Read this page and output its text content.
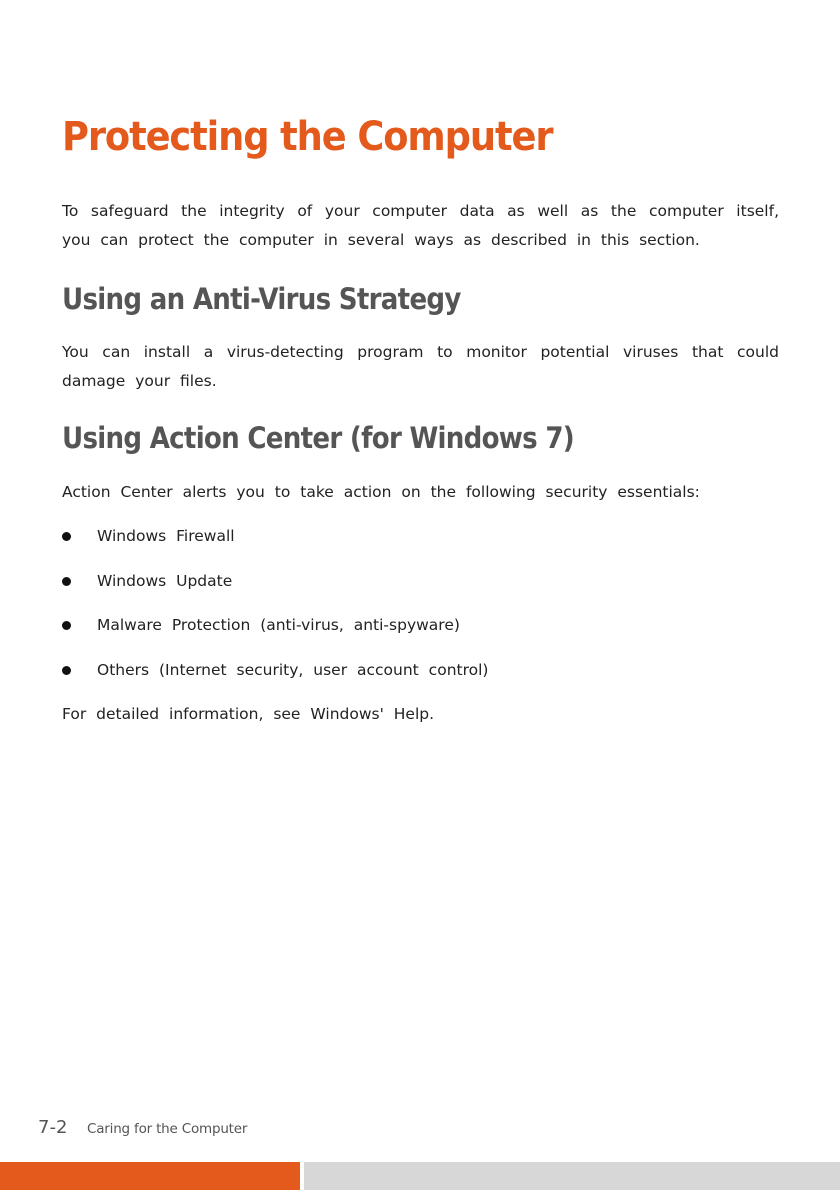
Protecting the Computer

To safeguard the integrity of your computer data as well as the computer itself, you can protect the computer in several ways as described in this section.

Using an Anti-Virus Strategy

You can install a virus-detecting program to monitor potential viruses that could damage your files.

Using Action Center (for Windows 7)

Action Center alerts you to take action on the following security essentials:

Windows Firewall
Windows Update
Malware Protection (anti-virus, anti-spyware)
Others (Internet security, user account control)

For detailed information, see Windows' Help.

7-2 Caring for the Computer
